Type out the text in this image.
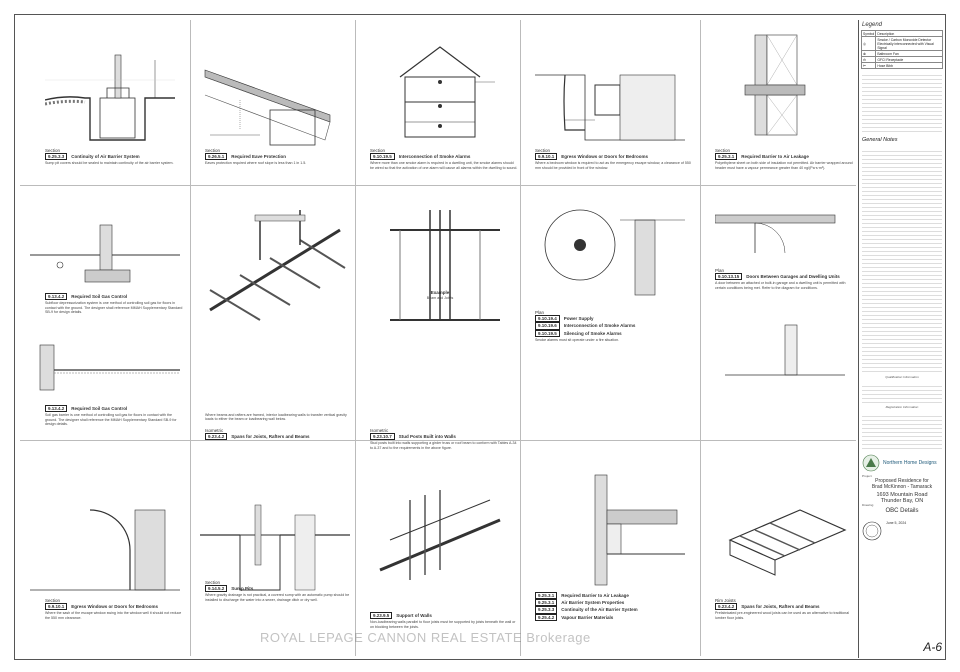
Section
9.25.3.3 Continuity of Air Barrier System
Sump pit covers should be sealed to maintain continuity of the air barrier system.
Section
9.26.5.1 Required Eave Protection
Eaves protection required where roof slope is less than 1 in 1.5.
Section
9.10.19.5 Interconnection of Smoke Alarms
Where more than one smoke alarm is required in a dwelling unit, the smoke alarms should be wired so that the activation of one alarm will cause all alarms within the dwelling to sound.
Section
9.9.10.1 Egress Windows or Doors for Bedrooms
Where a bedroom window is required to act as the emergency escape window, a clearance of 550 mm should be provided in front of the window.
Section
9.25.3.1 Required Barrier to Air Leakage
Polyethylene sheet on both side of insulation not permitted. Air barrier wrapped around header must have a vapour permeance greater than 40 ng/(Pa·s·m²).
9.13.4.2 Required Soil Gas Control
Subfloor depressurization system is one method of controlling soil gas for floors in contact with the ground. The designer shall reference MMAH Supplementary Standard SB-9 for design details.
Isometric
9.23.4.2 Spans for Joists, Rafters and Beams
Plan
9.10.19.4 Power Supply
9.10.19.6 Interconnection of Smoke Alarms
9.10.19.5 Silencing of Smoke Alarms
Smoke alarms must sit operate under a fire situation.
Plan
9.10.13.15 Doors Between Garages and Dwelling Units
A door between an attached or built-in garage and a dwelling unit is permitted with certain conditions being met. Refer to the diagram for conditions.
9.13.4.2 Required Soil Gas Control
Soil gas barrier is one method of controlling soil gas for floors in contact with the ground. The designer shall reference the MMAH Supplementary Standard SB-9 for design details.
Where beams and rafters are framed, interior loadbearing walls to transfer vertical gravity loads to either the beam or loadbearing wall below.
Isometric
9.23.10.7 Stud Posts Built into Walls
Stud posts built into walls supporting a girder truss or roof beam to conform with Tables A-34 to A-37 and to the requirements in the above figure.
Example
Beam and Joists
Section
9.9.10.1 Egress Windows or Doors for Bedrooms
Where the sash of the escape window swing into the window well it should not reduce the 550 mm clearance.
Section
9.14.5.2 Sump Pits
Where gravity drainage is not practical, a covered sump with an automatic pump should be installed to discharge the water into a sewer, drainage ditch or dry well.
9.23.9.5 Support of Walls
Non-loadbearing walls parallel to floor joists must be supported by joists beneath the wall or on blocking between the joists.
9.25.3.1 Required Barrier to Air Leakage
9.25.3.1 Air Barrier System Properties
9.25.3.3 Continuity of the Air Barrier System
9.25.4.2 Vapour Barrier Materials
Rim Joists
9.23.4.2 Spans for Joists, Rafters and Beams
Prefabricated pre-engineered wood joists can be used as an alternative to traditional lumber floor joists.
Legend
Symbol	Description
◎	Smoke / Carbon Monoxide Detector Electrically interconnected with Visual Signal
⊗	Bathroom Fan
⊖	GFCI Receptacle
⊢	Hose Bibb
General Notes
Qualification Information
Registration Information
Northern Home Designs
Project
Proposed Residence for
Brad McKinnon - Tamarack
1693 Mountain Road
Thunder Bay, ON
Drawing
OBC Details
June 5, 2024
A-6
ROYAL LEPAGE CANNON REAL ESTATE Brokerage
